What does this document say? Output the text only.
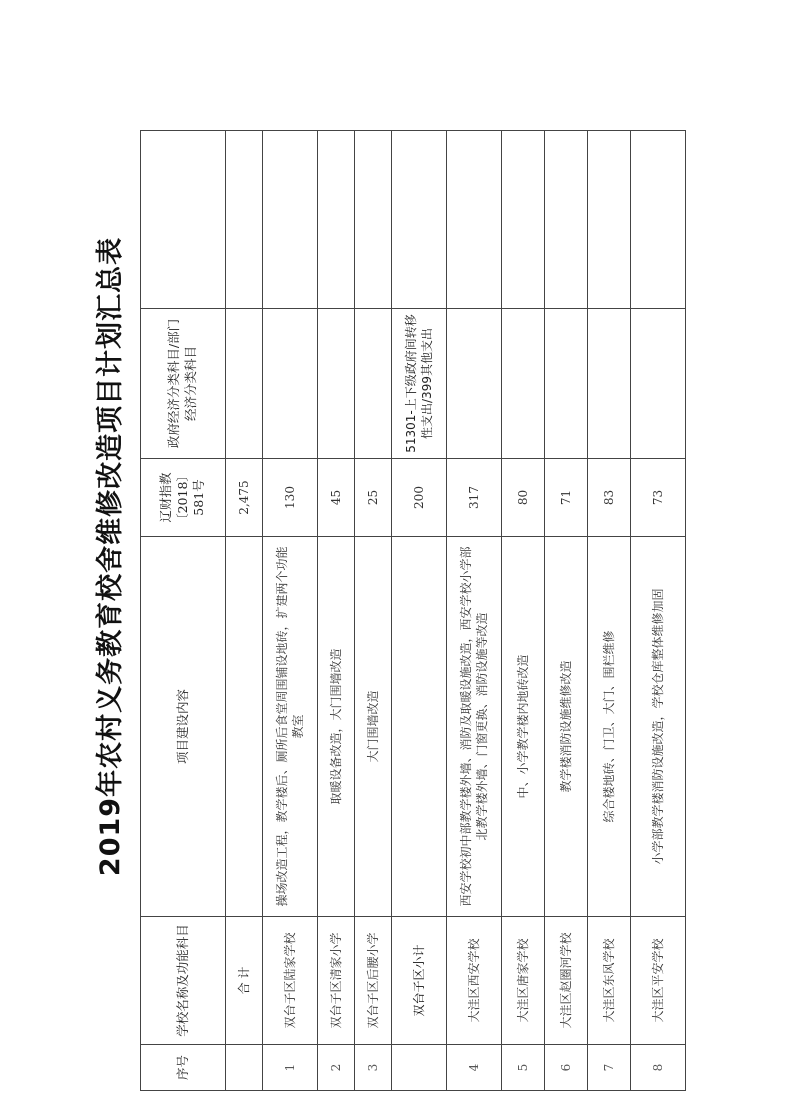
2019年农村义务教育校舍维修改造项目计划汇总表
序号	学校名称及功能科目	项目建设内容	辽财指教〔2018〕581号	政府经济分类科目/部门经济分类科目	
	合 计		2,475		
1	双台子区陆家学校	操场改造工程，教学楼后、厕所后食堂周围铺设地砖，扩建两个功能教室	130		
2	双台子区清家小学	取暖设备改造，大门围墙改造	45		
3	双台子区后腰小学	大门围墙改造	25		
	双台子区小计		200	51301-上下级政府间转移性支出/399其他支出	
4	大洼区西安学校	西安学校初中部教学楼外墙、消防及取暖设施改造，西安学校小学部北教学楼外墙、门窗更换、消防设施等改造	317		
5	大洼区唐家学校	中、小学教学楼内地砖改造	80		
6	大洼区赵圈河学校	教学楼消防设施维修改造	71		
7	大洼区东风学校	综合楼地砖、门卫、大门、围栏维修	83		
8	大洼区平安学校	小学部教学楼消防设施改造，学校仓库整体维修加固	73		
